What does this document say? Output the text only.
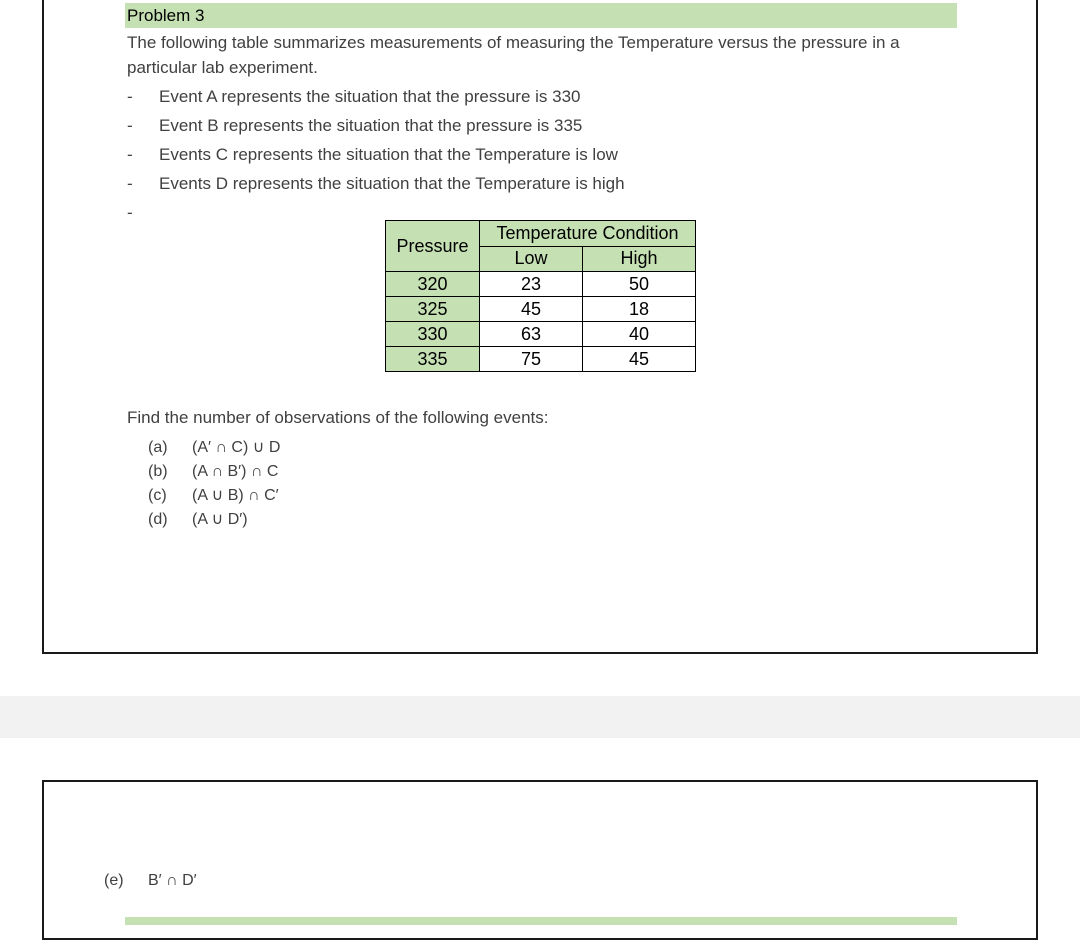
Problem 3
The following table summarizes measurements of measuring the Temperature versus the pressure in a particular lab experiment.
-	Event A represents the situation that the pressure is 330
-	Event B represents the situation that the pressure is 335
-	Events C represents the situation that the Temperature is low
-	Events D represents the situation that the Temperature is high
-
Pressure	Temperature Condition	
	Low	High
320	23	50
325	45	18
330	63	40
335	75	45
Find the number of observations of the following events:
(a)	(A′ ∩ C) ∪ D
(b)	(A ∩ B′) ∩ C
(c)	(A ∪ B) ∩ C′
(d)	(A ∪ D′)
(e)	B′ ∩ D′
